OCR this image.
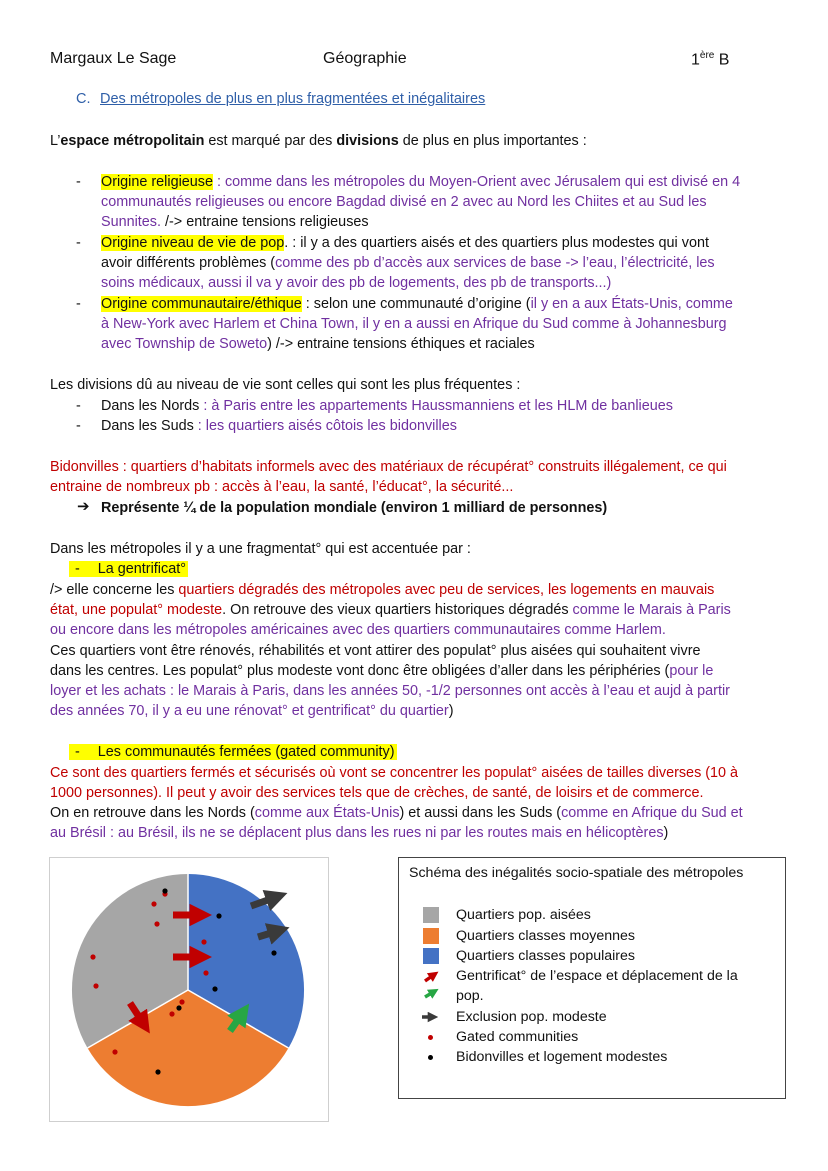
Margaux Le Sage	Géographie	1ère B
C. Des métropoles de plus en plus fragmentées et inégalitaires
L’espace métropolitain est marqué par des divisions de plus en plus importantes :
- Origine religieuse : comme dans les métropoles du Moyen-Orient avec Jérusalem qui est divisé en 4
communautés religieuses ou encore Bagdad divisé en 2 avec au Nord les Chiites et au Sud les
Sunnites. /-> entraine tensions religieuses
- Origine niveau de vie de pop. : il y a des quartiers aisés et des quartiers plus modestes qui vont
avoir différents problèmes (comme des pb d’accès aux services de base -> l’eau, l’électricité, les
soins médicaux, aussi il va y avoir des pb de logements, des pb de transports...)
- Origine communautaire/éthique : selon une communauté d’origine (il y en a aux États-Unis, comme
à New-York avec Harlem et China Town, il y en a aussi en Afrique du Sud comme à Johannesburg
avec Township de Soweto) /-> entraine tensions éthiques et raciales
Les divisions dû au niveau de vie sont celles qui sont les plus fréquentes :
- Dans les Nords : à Paris entre les appartements Haussmanniens et les HLM de banlieues
- Dans les Suds : les quartiers aisés côtois les bidonvilles
Bidonvilles : quartiers d’habitats informels avec des matériaux de récupérat° construits illégalement, ce qui
entraine de nombreux pb : accès à l’eau, la santé, l’éducat°, la sécurité...
➔ Représente ¼ de la population mondiale (environ 1 milliard de personnes)
Dans les métropoles il y a une fragmentat° qui est accentuée par :
- La gentrificat°
/> elle concerne les quartiers dégradés des métropoles avec peu de services, les logements en mauvais
état, une populat° modeste. On retrouve des vieux quartiers historiques dégradés comme le Marais à Paris
ou encore dans les métropoles américaines avec des quartiers communautaires comme Harlem.
Ces quartiers vont être rénovés, réhabilités et vont attirer des populat° plus aisées qui souhaitent vivre
dans les centres. Les populat° plus modeste vont donc être obligées d’aller dans les périphéries (pour le
loyer et les achats : le Marais à Paris, dans les années 50, -1/2 personnes ont accès à l’eau et aujd à partir
des années 70, il y a eu une rénovat° et gentrificat° du quartier)
- Les communautés fermées (gated community)
Ce sont des quartiers fermés et sécurisés où vont se concentrer les populat° aisées de tailles diverses (10 à
1000 personnes). Il peut y avoir des services tels que de crèches, de santé, de loisirs et de commerce.
On en retrouve dans les Nords (comme aux États-Unis) et aussi dans les Suds (comme en Afrique du Sud et
au Brésil : au Brésil, ils ne se déplacent plus dans les rues ni par les routes mais en hélicoptères)
Schéma des inégalités socio-spatiale des métropoles
Quartiers pop. aisées
Quartiers classes moyennes
Quartiers classes populaires
Gentrificat° de l’espace et déplacement de la
pop.
Exclusion pop. modeste
Gated communities
Bidonvilles et logement modestes
